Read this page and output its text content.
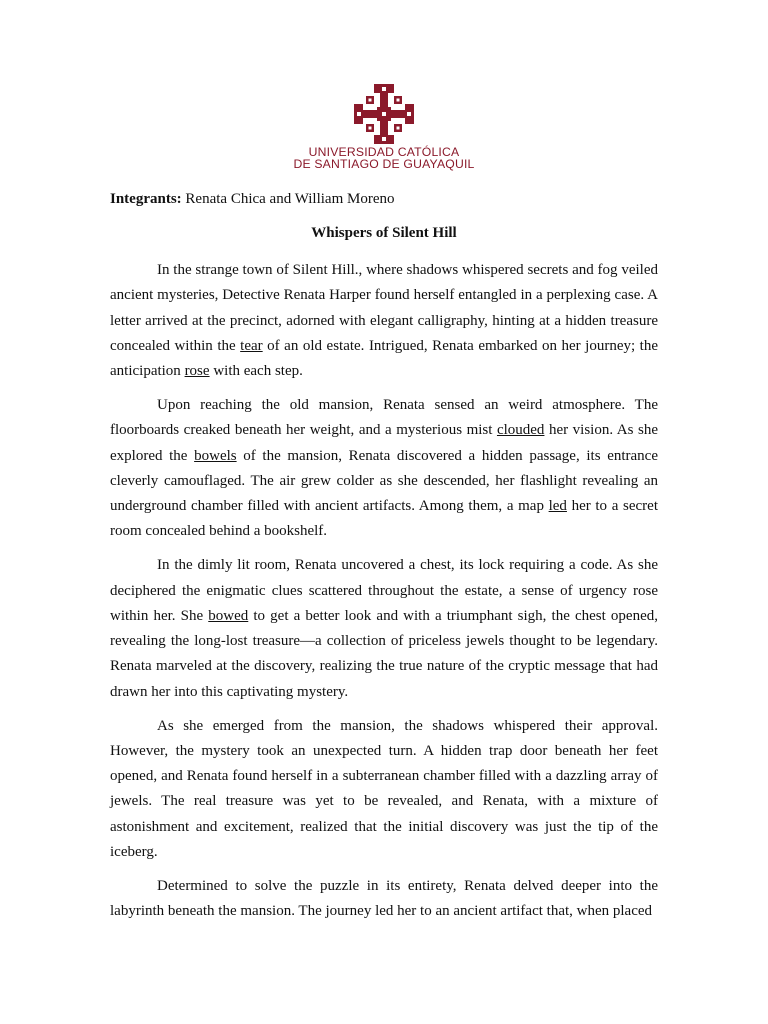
UNIVERSIDAD CATÓLICA
DE SANTIAGO DE GUAYAQUIL
Integrants: Renata Chica and William Moreno
Whispers of Silent Hill

In the strange town of Silent Hill., where shadows whispered secrets and fog veiled ancient mysteries, Detective Renata Harper found herself entangled in a perplexing case. A letter arrived at the precinct, adorned with elegant calligraphy, hinting at a hidden treasure concealed within the tear of an old estate. Intrigued, Renata embarked on her journey; the anticipation rose with each step.

Upon reaching the old mansion, Renata sensed an weird atmosphere. The floorboards creaked beneath her weight, and a mysterious mist clouded her vision. As she explored the bowels of the mansion, Renata discovered a hidden passage, its entrance cleverly camouflaged. The air grew colder as she descended, her flashlight revealing an underground chamber filled with ancient artifacts. Among them, a map led her to a secret room concealed behind a bookshelf.

In the dimly lit room, Renata uncovered a chest, its lock requiring a code. As she deciphered the enigmatic clues scattered throughout the estate, a sense of urgency rose within her. She bowed to get a better look and with a triumphant sigh, the chest opened, revealing the long-lost treasure—a collection of priceless jewels thought to be legendary. Renata marveled at the discovery, realizing the true nature of the cryptic message that had drawn her into this captivating mystery.

As she emerged from the mansion, the shadows whispered their approval. However, the mystery took an unexpected turn. A hidden trap door beneath her feet opened, and Renata found herself in a subterranean chamber filled with a dazzling array of jewels. The real treasure was yet to be revealed, and Renata, with a mixture of astonishment and excitement, realized that the initial discovery was just the tip of the iceberg.

Determined to solve the puzzle in its entirety, Renata delved deeper into the labyrinth beneath the mansion. The journey led her to an ancient artifact that, when placed
